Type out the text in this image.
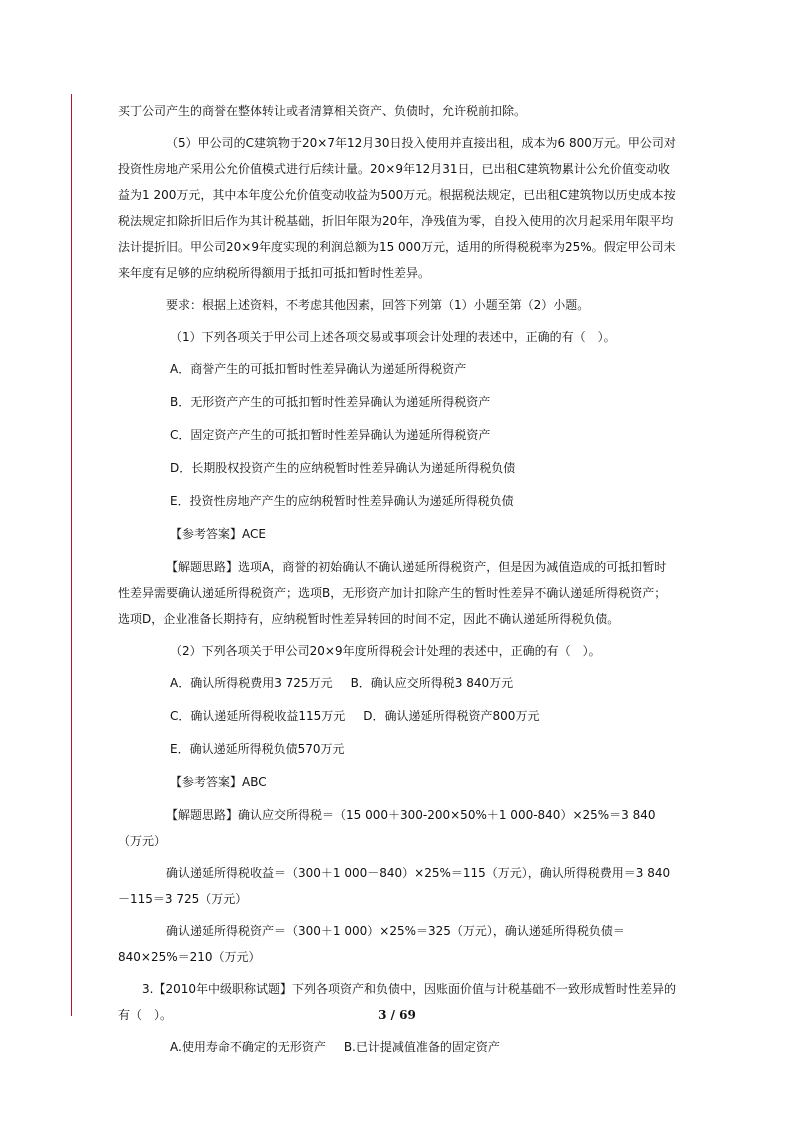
买丁公司产生的商誉在整体转让或者清算相关资产、负债时，允许税前扣除。

（5）甲公司的C建筑物于20×7年12月30日投入使用并直接出租，成本为6 800万元。甲公司对投资性房地产采用公允价值模式进行后续计量。20×9年12月31日，已出租C建筑物累计公允价值变动收益为1 200万元，其中本年度公允价值变动收益为500万元。根据税法规定，已出租C建筑物以历史成本按税法规定扣除折旧后作为其计税基础，折旧年限为20年，净残值为零，自投入使用的次月起采用年限平均法计提折旧。甲公司20×9年度实现的利润总额为15 000万元，适用的所得税税率为25%。假定甲公司未来年度有足够的应纳税所得额用于抵扣可抵扣暂时性差异。

要求：根据上述资料，不考虑其他因素，回答下列第（1）小题至第（2）小题。

（1）下列各项关于甲公司上述各项交易或事项会计处理的表述中，正确的有（　）。

A．商誉产生的可抵扣暂时性差异确认为递延所得税资产

B．无形资产产生的可抵扣暂时性差异确认为递延所得税资产

C．固定资产产生的可抵扣暂时性差异确认为递延所得税资产

D．长期股权投资产生的应纳税暂时性差异确认为递延所得税负债

E．投资性房地产产生的应纳税暂时性差异确认为递延所得税负债

【参考答案】ACE

【解题思路】选项A，商誉的初始确认不确认递延所得税资产，但是因为减值造成的可抵扣暂时性差异需要确认递延所得税资产；选项B，无形资产加计扣除产生的暂时性差异不确认递延所得税资产；选项D，企业准备长期持有，应纳税暂时性差异转回的时间不定，因此不确认递延所得税负债。

（2）下列各项关于甲公司20×9年度所得税会计处理的表述中，正确的有（　）。

A．确认所得税费用3 725万元 B．确认应交所得税3 840万元

C．确认递延所得税收益115万元 D．确认递延所得税资产800万元

E．确认递延所得税负债570万元

【参考答案】ABC

【解题思路】确认应交所得税＝（15 000＋300-200×50%＋1 000-840）×25%＝3 840（万元）

确认递延所得税收益＝（300＋1 000－840）×25%＝115（万元），确认所得税费用＝3 840－115＝3 725（万元）

确认递延所得税资产＝（300＋1 000）×25%＝325（万元），确认递延所得税负债＝840×25%＝210（万元）

3.【2010年中级职称试题】下列各项资产和负债中，因账面价值与计税基础不一致形成暂时性差异的有（　）。

A.使用寿命不确定的无形资产 B.已计提减值准备的固定资产

3 / 69
